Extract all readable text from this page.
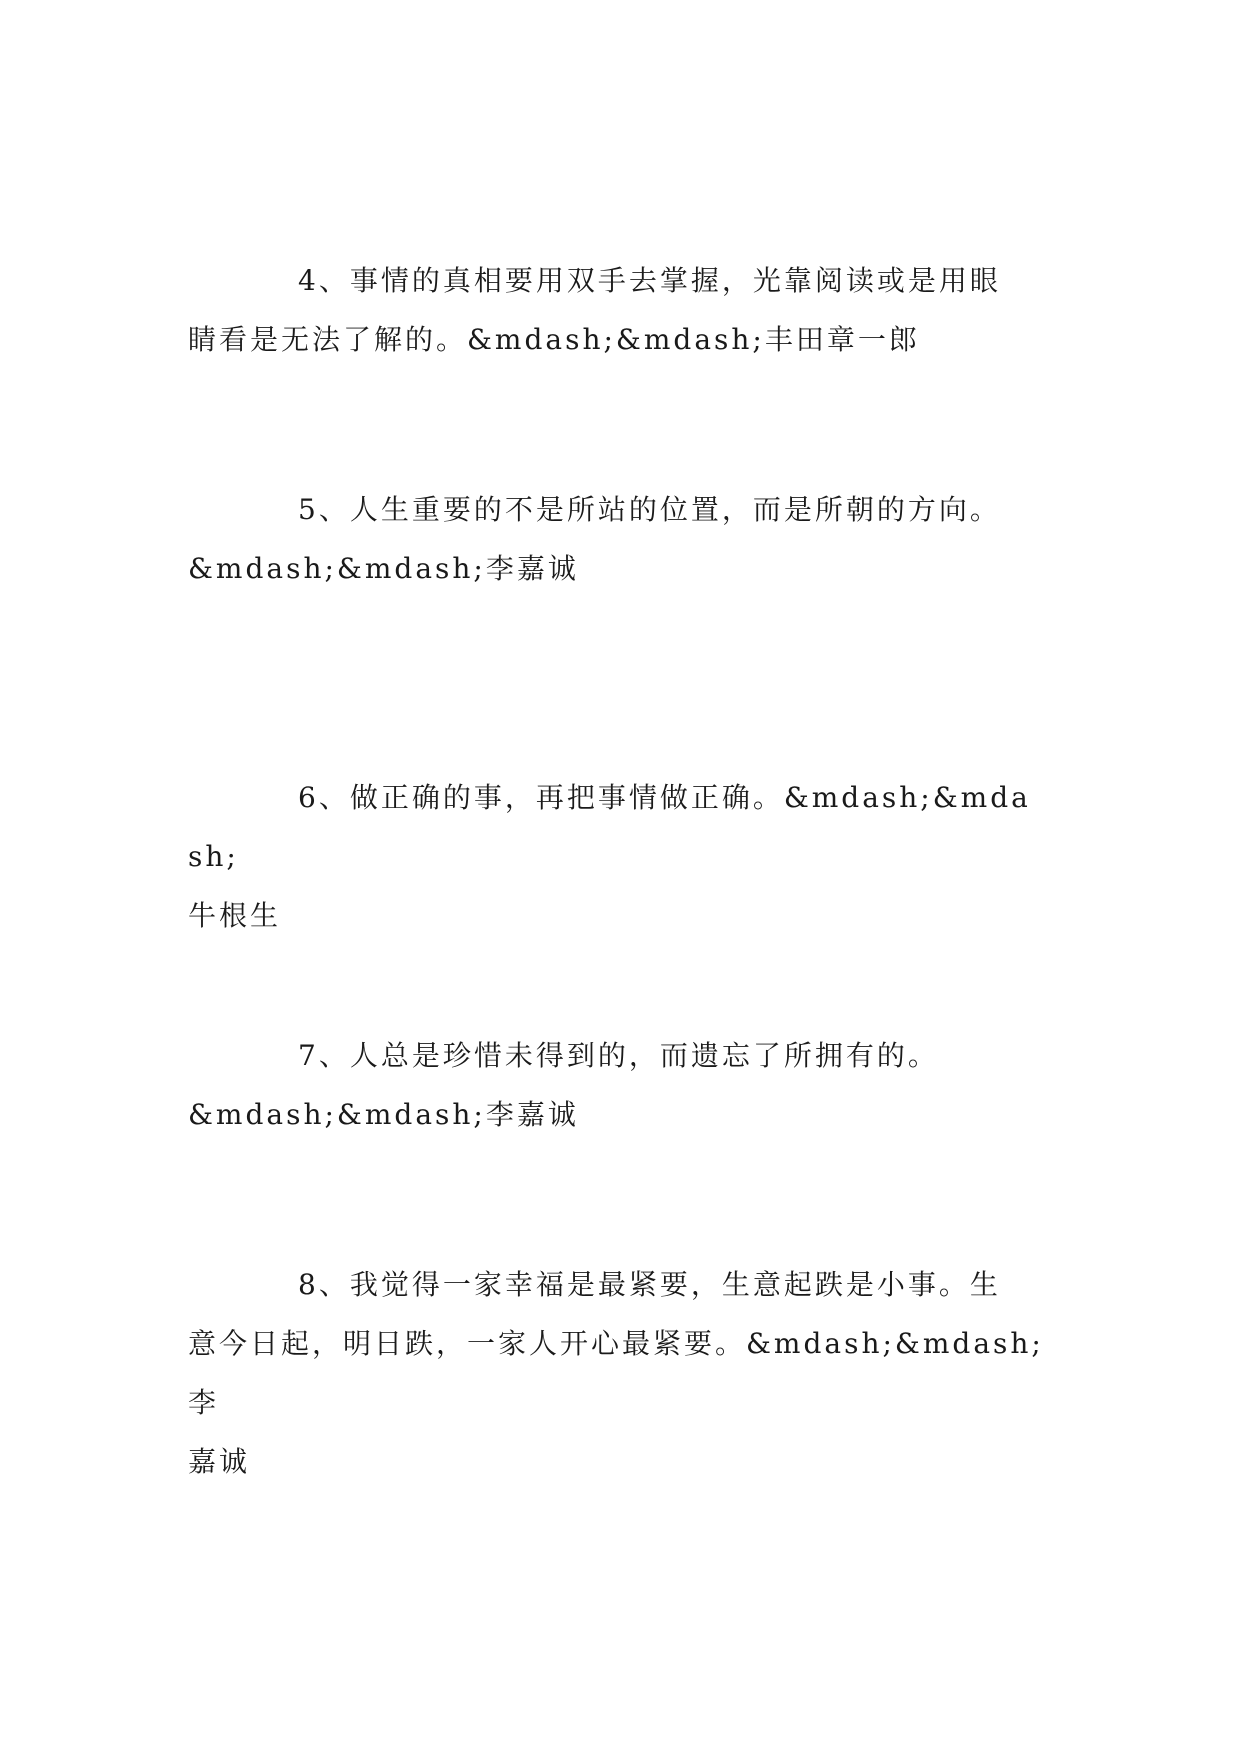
4、事情的真相要用双手去掌握，光靠阅读或是用眼
睛看是无法了解的。&mdash;&mdash;丰田章一郎

5、人生重要的不是所站的位置，而是所朝的方向。
&mdash;&mdash;李嘉诚

6、做正确的事，再把事情做正确。&mdash;&mdash;
牛根生

7、人总是珍惜未得到的，而遗忘了所拥有的。
&mdash;&mdash;李嘉诚

8、我觉得一家幸福是最紧要，生意起跌是小事。生
意今日起，明日跌，一家人开心最紧要。&mdash;&mdash;李
嘉诚
